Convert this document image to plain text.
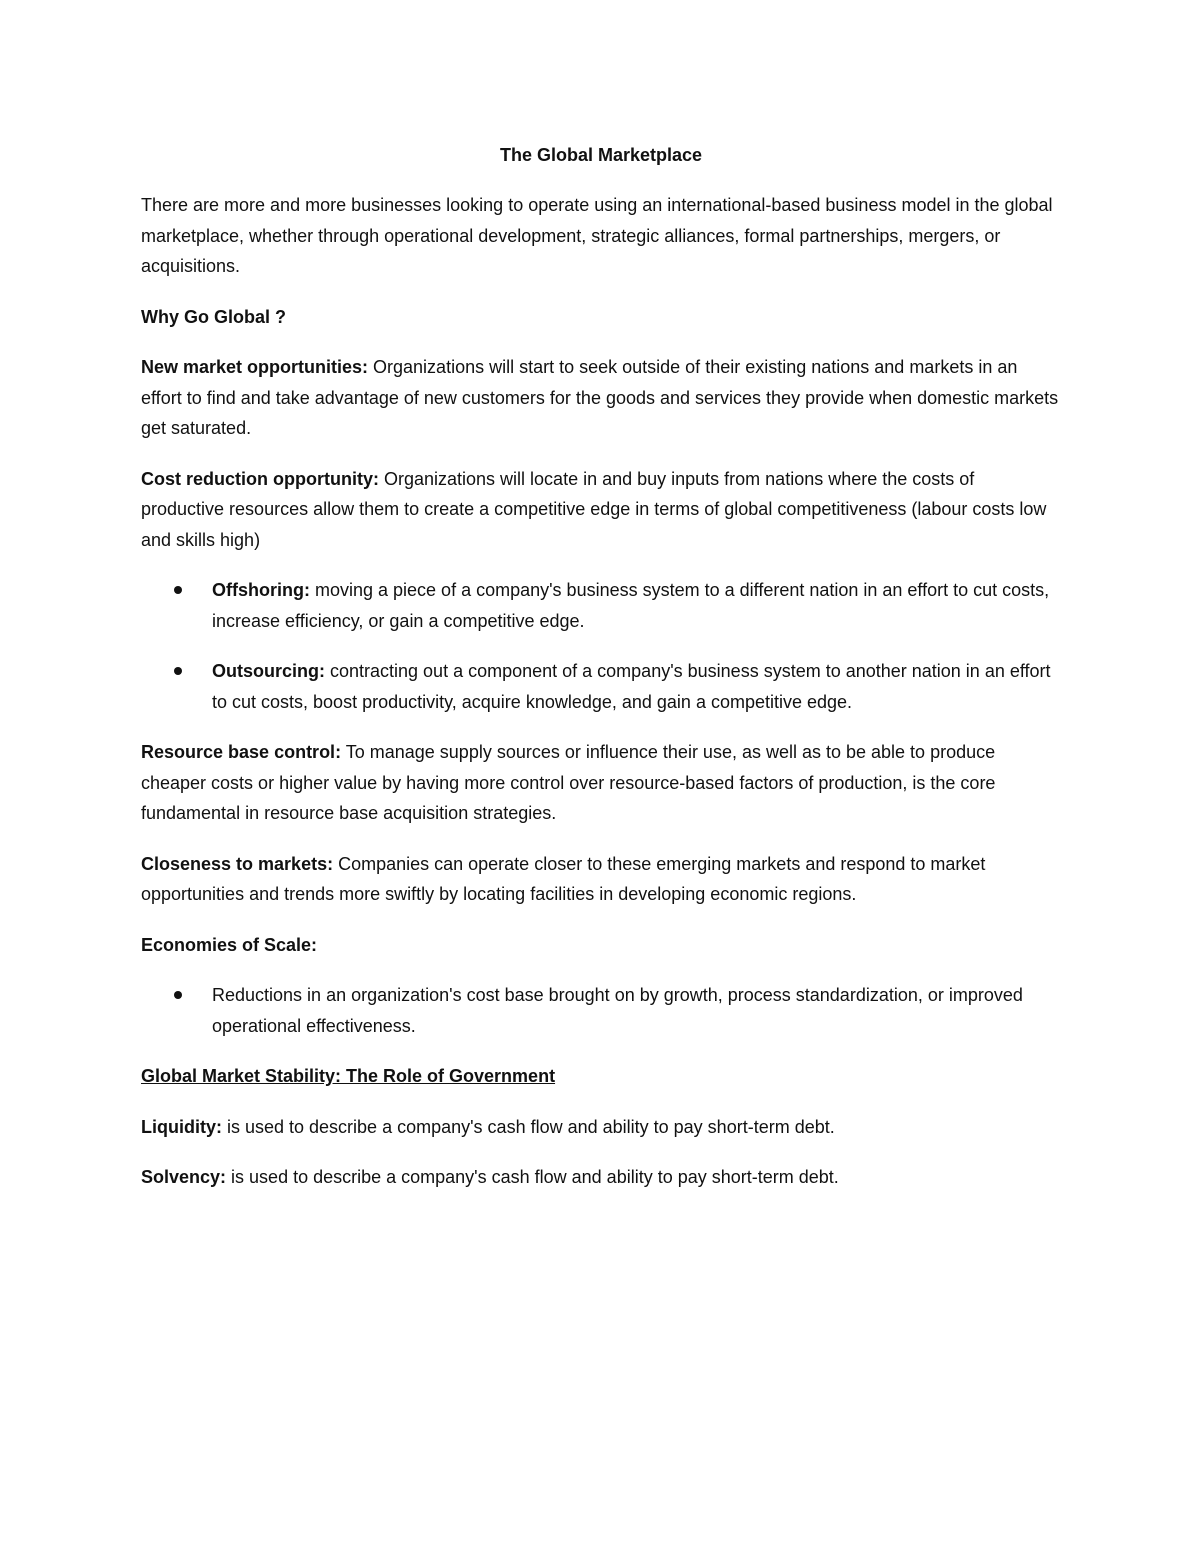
The Global Marketplace

There are more and more businesses looking to operate using an international-based business model in the global marketplace, whether through operational development, strategic alliances, formal partnerships, mergers, or acquisitions.

Why Go Global ?

New market opportunities: Organizations will start to seek outside of their existing nations and markets in an effort to find and take advantage of new customers for the goods and services they provide when domestic markets get saturated.

Cost reduction opportunity: Organizations will locate in and buy inputs from nations where the costs of productive resources allow them to create a competitive edge in terms of global competitiveness (labour costs low and skills high)

Offshoring: moving a piece of a company's business system to a different nation in an effort to cut costs, increase efficiency, or gain a competitive edge.
Outsourcing: contracting out a component of a company's business system to another nation in an effort to cut costs, boost productivity, acquire knowledge, and gain a competitive edge.

Resource base control: To manage supply sources or influence their use, as well as to be able to produce cheaper costs or higher value by having more control over resource-based factors of production, is the core fundamental in resource base acquisition strategies.

Closeness to markets: Companies can operate closer to these emerging markets and respond to market opportunities and trends more swiftly by locating facilities in developing economic regions.

Economies of Scale:

Reductions in an organization's cost base brought on by growth, process standardization, or improved operational effectiveness.

Global Market Stability: The Role of Government

Liquidity: is used to describe a company's cash flow and ability to pay short-term debt.

Solvency: is used to describe a company's cash flow and ability to pay short-term debt.
